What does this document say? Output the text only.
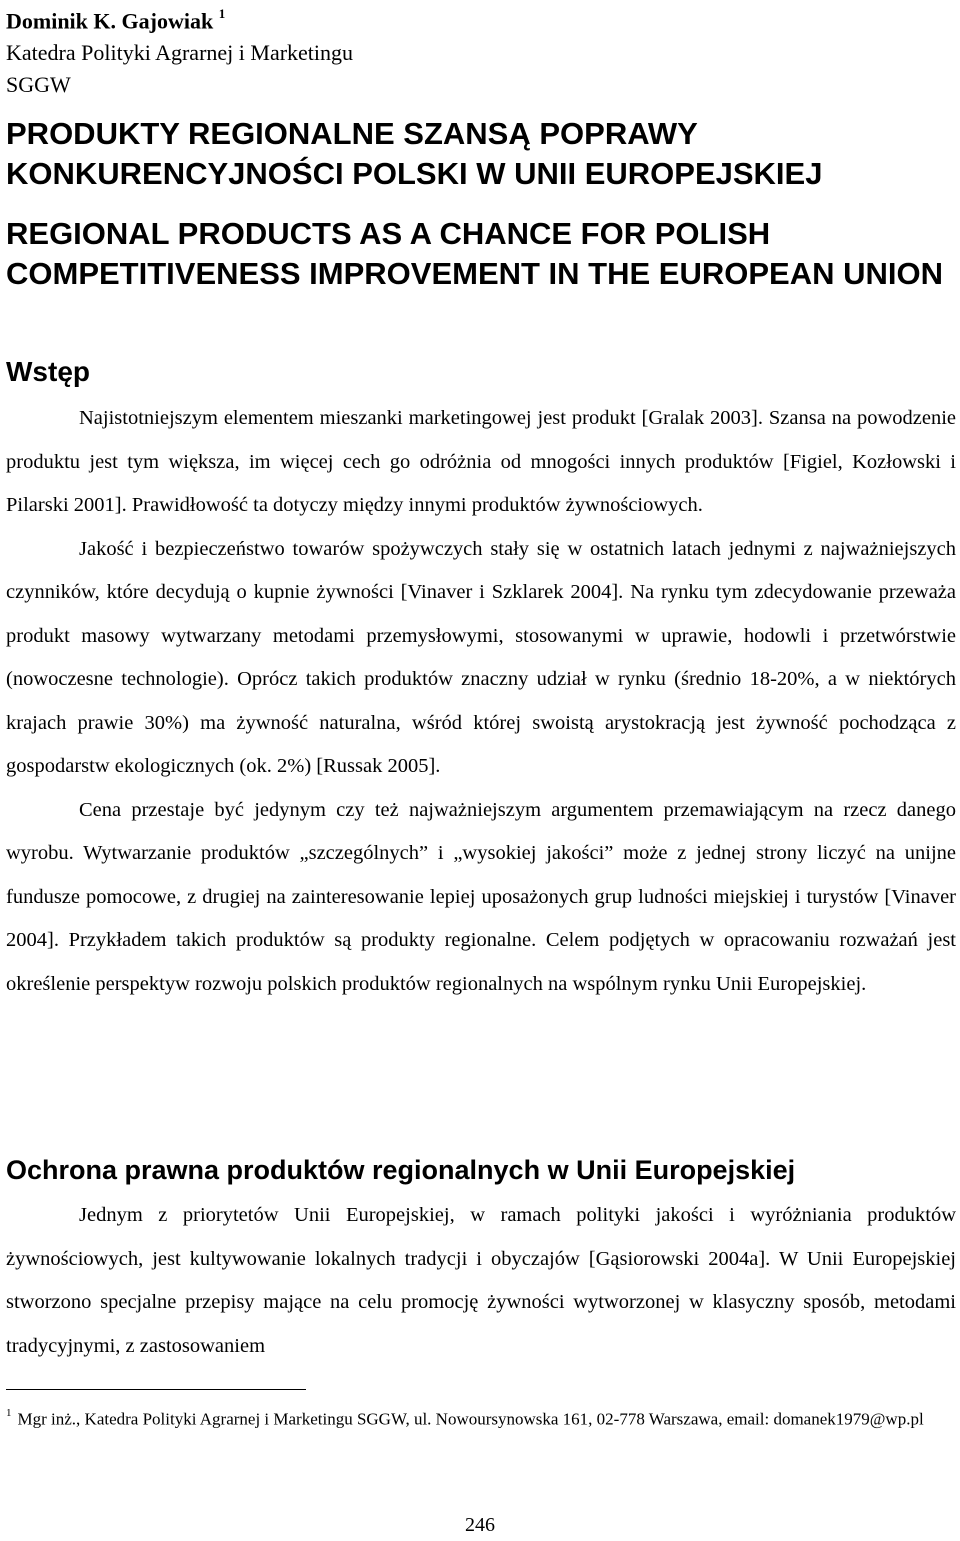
Dominik K. Gajowiak $^1$
Katedra Polityki Agrarnej i Marketingu
SGGW
PRODUKTY REGIONALNE SZANSĄ POPRAWY KONKURENCYJNOŚCI POLSKI W UNII EUROPEJSKIEJ
REGIONAL PRODUCTS AS A CHANCE FOR POLISH COMPETITIVENESS IMPROVEMENT IN THE EUROPEAN UNION
Wstęp

Najistotniejszym elementem mieszanki marketingowej jest produkt [Gralak 2003]. Szansa na powodzenie produktu jest tym większa, im więcej cech go odróżnia od mnogości innych produktów [Figiel, Kozłowski i Pilarski 2001]. Prawidłowość ta dotyczy między innymi produktów żywnościowych.

Jakość i bezpieczeństwo towarów spożywczych stały się w ostatnich latach jednymi z najważniejszych czynników, które decydują o kupnie żywności [Vinaver i Szklarek 2004]. Na rynku tym zdecydowanie przeważa produkt masowy wytwarzany metodami przemysłowymi, stosowanymi w uprawie, hodowli i przetwórstwie (nowoczesne technologie). Oprócz takich produktów znaczny udział w rynku (średnio 18-20%, a w niektórych krajach prawie 30%) ma żywność naturalna, wśród której swoistą arystokracją jest żywność pochodząca z gospodarstw ekologicznych (ok. 2%) [Russak 2005].

Cena przestaje być jedynym czy też najważniejszym argumentem przemawiającym na rzecz danego wyrobu. Wytwarzanie produktów „szczególnych” i „wysokiej jakości” może z jednej strony liczyć na unijne fundusze pomocowe, z drugiej na zainteresowanie lepiej uposażonych grup ludności miejskiej i turystów [Vinaver 2004]. Przykładem takich produktów są produkty regionalne. Celem podjętych w opracowaniu rozważań jest określenie perspektyw rozwoju polskich produktów regionalnych na wspólnym rynku Unii Europejskiej.

Ochrona prawna produktów regionalnych w Unii Europejskiej

Jednym z priorytetów Unii Europejskiej, w ramach polityki jakości i wyróżniania produktów żywnościowych, jest kultywowanie lokalnych tradycji i obyczajów [Gąsiorowski 2004a]. W Unii Europejskiej stworzono specjalne przepisy mające na celu promocję żywności wytworzonej w klasyczny sposób, metodami tradycyjnymi, z zastosowaniem

$^1$ Mgr inż., Katedra Polityki Agrarnej i Marketingu SGGW, ul. Nowoursynowska 161, 02-778 Warszawa, email: domanek1979@wp.pl
246
